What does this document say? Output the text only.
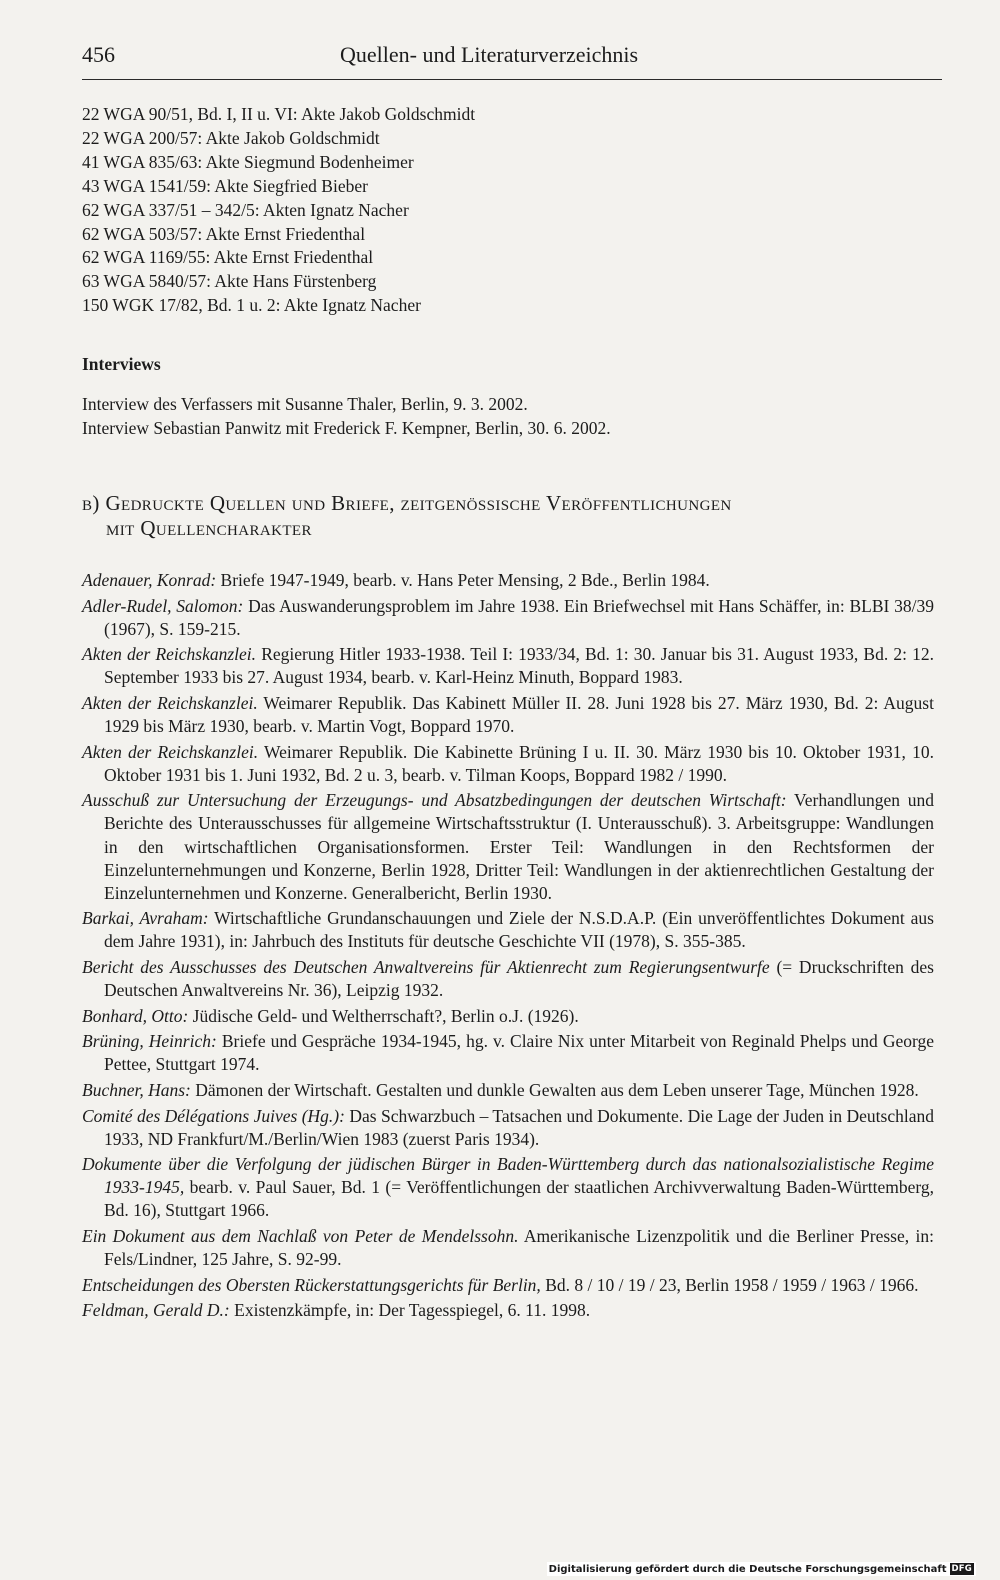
456	Quellen- und Literaturverzeichnis
22 WGA 90/51, Bd. I, II u. VI: Akte Jakob Goldschmidt
22 WGA 200/57: Akte Jakob Goldschmidt
41 WGA 835/63: Akte Siegmund Bodenheimer
43 WGA 1541/59: Akte Siegfried Bieber
62 WGA 337/51 – 342/5: Akten Ignatz Nacher
62 WGA 503/57: Akte Ernst Friedenthal
62 WGA 1169/55: Akte Ernst Friedenthal
63 WGA 5840/57: Akte Hans Fürstenberg
150 WGK 17/82, Bd. 1 u. 2: Akte Ignatz Nacher
Interviews
Interview des Verfassers mit Susanne Thaler, Berlin, 9. 3. 2002.
Interview Sebastian Panwitz mit Frederick F. Kempner, Berlin, 30. 6. 2002.
b) Gedruckte Quellen und Briefe, zeitgenössische Veröffentlichungen
mit Quellencharakter
Adenauer, Konrad: Briefe 1947-1949, bearb. v. Hans Peter Mensing, 2 Bde., Berlin 1984.
Adler-Rudel, Salomon: Das Auswanderungsproblem im Jahre 1938. Ein Briefwechsel mit Hans Schäffer, in: BLBI 38/39 (1967), S. 159-215.
Akten der Reichskanzlei. Regierung Hitler 1933-1938. Teil I: 1933/34, Bd. 1: 30. Januar bis 31. August 1933, Bd. 2: 12. September 1933 bis 27. August 1934, bearb. v. Karl-Heinz Minuth, Boppard 1983.
Akten der Reichskanzlei. Weimarer Republik. Das Kabinett Müller II. 28. Juni 1928 bis 27. März 1930, Bd. 2: August 1929 bis März 1930, bearb. v. Martin Vogt, Boppard 1970.
Akten der Reichskanzlei. Weimarer Republik. Die Kabinette Brüning I u. II. 30. März 1930 bis 10. Oktober 1931, 10. Oktober 1931 bis 1. Juni 1932, Bd. 2 u. 3, bearb. v. Tilman Koops, Boppard 1982 / 1990.
Ausschuß zur Untersuchung der Erzeugungs- und Absatzbedingungen der deutschen Wirtschaft: Verhandlungen und Berichte des Unterausschusses für allgemeine Wirtschaftsstruktur (I. Unterausschuß). 3. Arbeitsgruppe: Wandlungen in den wirtschaftlichen Organisationsformen. Erster Teil: Wandlungen in den Rechtsformen der Einzelunternehmungen und Konzerne, Berlin 1928, Dritter Teil: Wandlungen in der aktienrechtlichen Gestaltung der Einzelunternehmen und Konzerne. Generalbericht, Berlin 1930.
Barkai, Avraham: Wirtschaftliche Grundanschauungen und Ziele der N.S.D.A.P. (Ein unveröffentlichtes Dokument aus dem Jahre 1931), in: Jahrbuch des Instituts für deutsche Geschichte VII (1978), S. 355-385.
Bericht des Ausschusses des Deutschen Anwaltvereins für Aktienrecht zum Regierungsentwurfe (= Druckschriften des Deutschen Anwaltvereins Nr. 36), Leipzig 1932.
Bonhard, Otto: Jüdische Geld- und Weltherrschaft?, Berlin o.J. (1926).
Brüning, Heinrich: Briefe und Gespräche 1934-1945, hg. v. Claire Nix unter Mitarbeit von Reginald Phelps und George Pettee, Stuttgart 1974.
Buchner, Hans: Dämonen der Wirtschaft. Gestalten und dunkle Gewalten aus dem Leben unserer Tage, München 1928.
Comité des Délégations Juives (Hg.): Das Schwarzbuch – Tatsachen und Dokumente. Die Lage der Juden in Deutschland 1933, ND Frankfurt/M./Berlin/Wien 1983 (zuerst Paris 1934).
Dokumente über die Verfolgung der jüdischen Bürger in Baden-Württemberg durch das nationalsozialistische Regime 1933-1945, bearb. v. Paul Sauer, Bd. 1 (= Veröffentlichungen der staatlichen Archivverwaltung Baden-Württemberg, Bd. 16), Stuttgart 1966.
Ein Dokument aus dem Nachlaß von Peter de Mendelssohn. Amerikanische Lizenzpolitik und die Berliner Presse, in: Fels/Lindner, 125 Jahre, S. 92-99.
Entscheidungen des Obersten Rückerstattungsgerichts für Berlin, Bd. 8 / 10 / 19 / 23, Berlin 1958 / 1959 / 1963 / 1966.
Feldman, Gerald D.: Existenzkämpfe, in: Der Tagesspiegel, 6. 11. 1998.
Digitalisierung gefördert durch die Deutsche Forschungsgemeinschaft DFG
